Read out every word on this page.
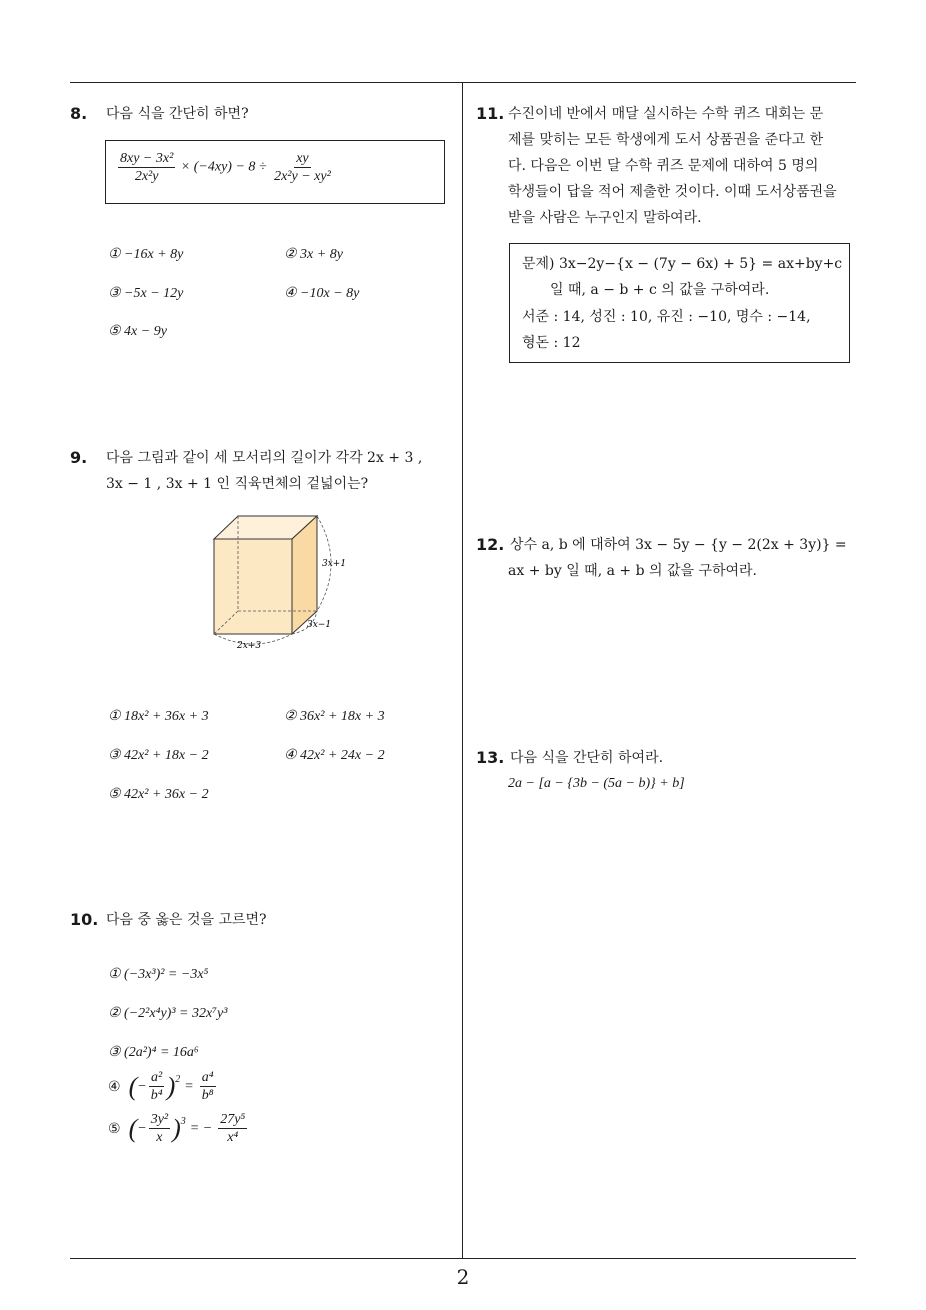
8. 다음 식을 간단히 하면?
$\frac{\text{8xy − 3x²}}{\text{2x²y}} \times (-4xy) - 8 \div \frac{xy}{\text{2x²y − xy²}}$
① −16x + 8y	② 3x + 8y
③ −5x − 12y	④ −10x − 8y
⑤ 4x − 9y
9. 다음 그림과 같이 세 모서리의 길이가 각각 2x + 3 ,
3x − 1 , 3x + 1 인 직육면체의 겉넓이는?
3x+1
3x−1
2x+3
① 18x² + 36x + 3	② 36x² + 18x + 3
③ 42x² + 18x − 2	④ 42x² + 24x − 2
⑤ 42x² + 36x − 2
10. 다음 중 옳은 것을 고르면?
① (−3x³)² = −3x⁵
② (−2²x⁴y)³ = 32x⁷y³
③ (2a²)⁴ = 16a⁶
④ ( − $\frac{\text{a²}}{\text{b⁴}} )^2 = \frac{\text{a⁴}}{\text{b⁸}}$
⑤ ( − $\frac{\text{3y²}}{x} )^3$ = − $\frac{\text{27y⁵}}{\text{x⁴}}$
11. 수진이네 반에서 매달 실시하는 수학 퀴즈 대회는 문
제를 맞히는 모든 학생에게 도서 상품권을 준다고 한
다. 다음은 이번 달 수학 퀴즈 문제에 대하여 5 명의
학생들이 답을 적어 제출한 것이다. 이때 도서상품권을
받을 사람은 누구인지 말하여라.
문제) 3x−2y−{x − (7y − 6x) + 5} = ax+by+c
일 때, a − b + c 의 값을 구하여라.
서준 : 14, 성진 : 10, 유진 : −10, 명수 : −14,
형돈 : 12
12. 상수 a, b 에 대하여 3x − 5y − {y − 2(2x + 3y)} =
ax + by 일 때, a + b 의 값을 구하여라.
13. 다음 식을 간단히 하여라.
2a − [a − {3b − (5a − b)} + b]
2
